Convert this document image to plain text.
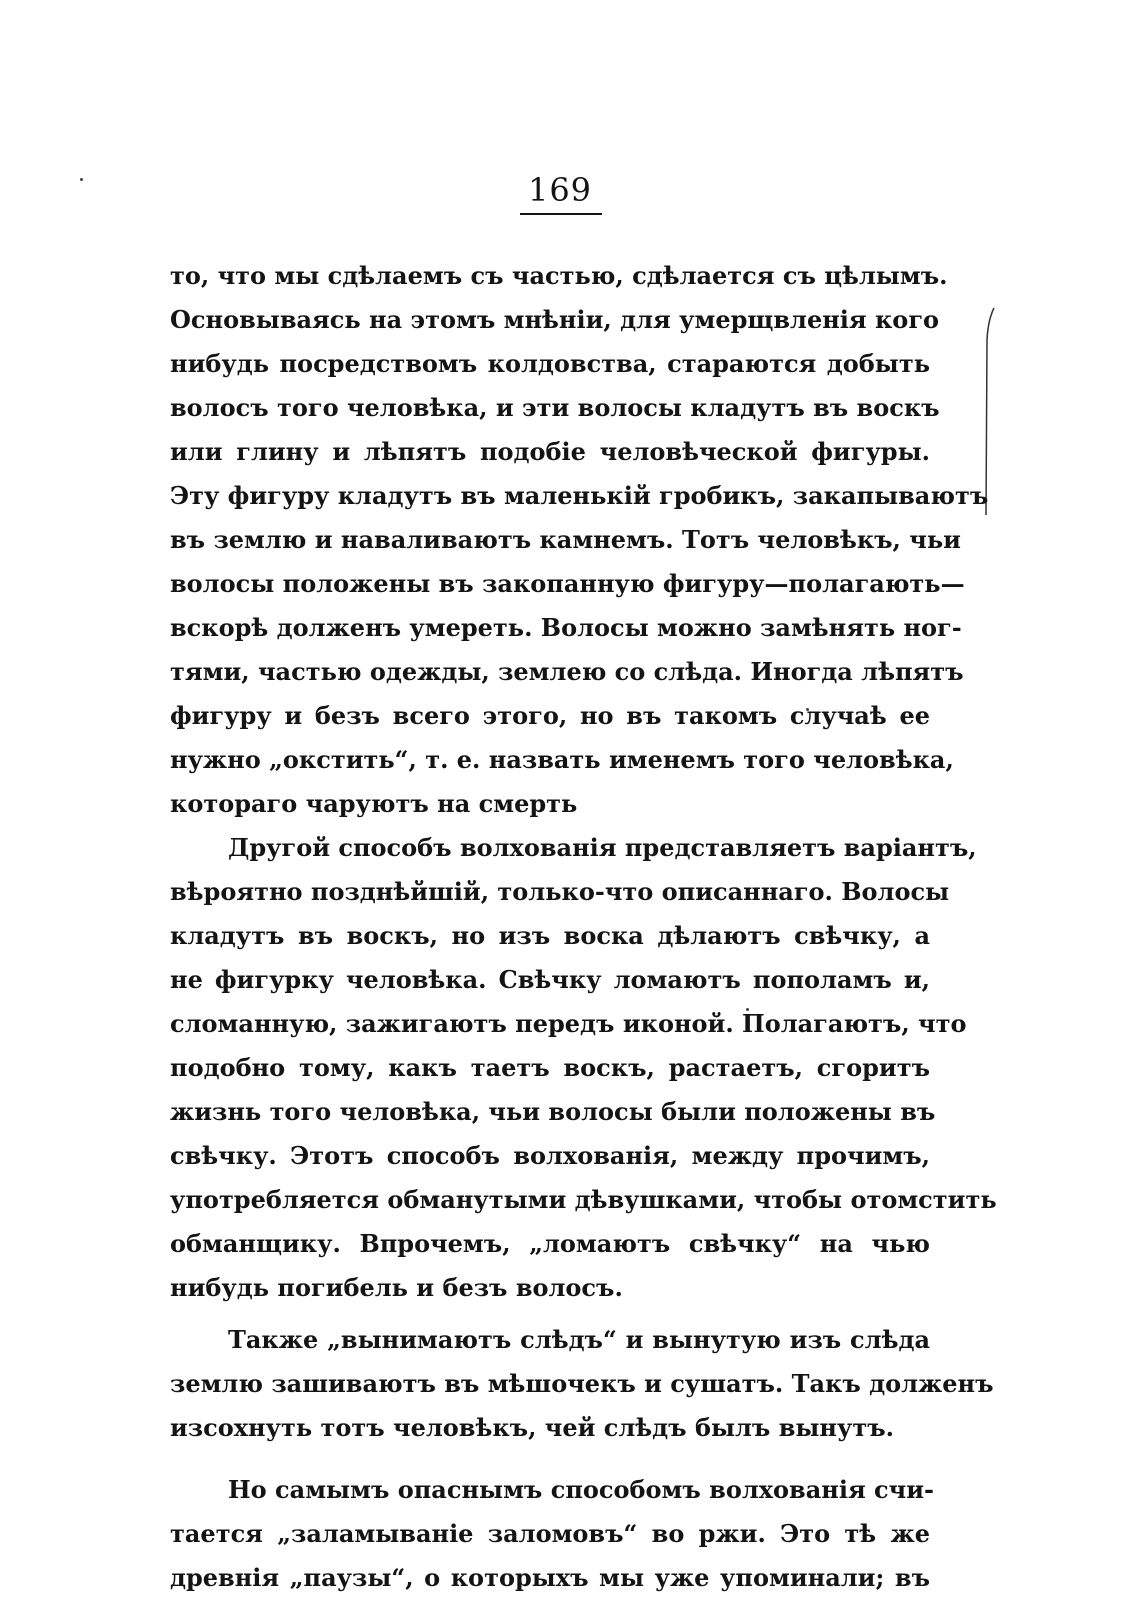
169
то, что мы сдѣлаемъ съ частью, сдѣлается съ цѣлымъ.
Основываясь на этомъ мнѣніи, для умерщвленія кого
нибудь посредствомъ колдовства, стараются добыть
волосъ того человѣка, и эти волосы кладутъ въ воскъ
или глину и лѣпятъ подобіе человѣческой фигуры.
Эту фигуру кладутъ въ маленькій гробикъ, закапываютъ
въ землю и наваливаютъ камнемъ. Тотъ человѣкъ, чьи
волосы положены въ закопанную фигуру—полагають—
вскорѣ долженъ умереть. Волосы можно замѣнять ног-
тями, частью одежды, землею со слѣда. Иногда лѣпятъ
фигуру и безъ всего этого, но въ такомъ случаѣ ее
нужно „окстить“, т. е. назвать именемъ того человѣка,
котораго чаруютъ на смерть
Другой способъ волхованія представляетъ варіантъ,
вѣроятно позднѣйшій, только-что описаннаго. Волосы
кладутъ въ воскъ, но изъ воска дѣлаютъ свѣчку, а
не фигурку человѣка. Свѣчку ломаютъ пополамъ и,
сломанную, зажигаютъ передъ иконой. Полагаютъ, что
подобно тому, какъ таетъ воскъ, растаетъ, сгоритъ
жизнь того человѣка, чьи волосы были положены въ
свѣчку. Этотъ способъ волхованія, между прочимъ,
употребляется обманутыми дѣвушками, чтобы отомстить
обманщику. Впрочемъ, „ломаютъ свѣчку“ на чью
нибудь погибель и безъ волосъ.
Также „вынимаютъ слѣдъ“ и вынутую изъ слѣда
землю зашиваютъ въ мѣшочекъ и сушатъ. Такъ долженъ
изсохнуть тотъ человѣкъ, чей слѣдъ былъ вынутъ.
Но самымъ опаснымъ способомъ волхованія счи-
тается „заламываніе заломовъ“ во ржи. Это тѣ же
древнія „паузы“, о которыхъ мы уже упоминали; въ
